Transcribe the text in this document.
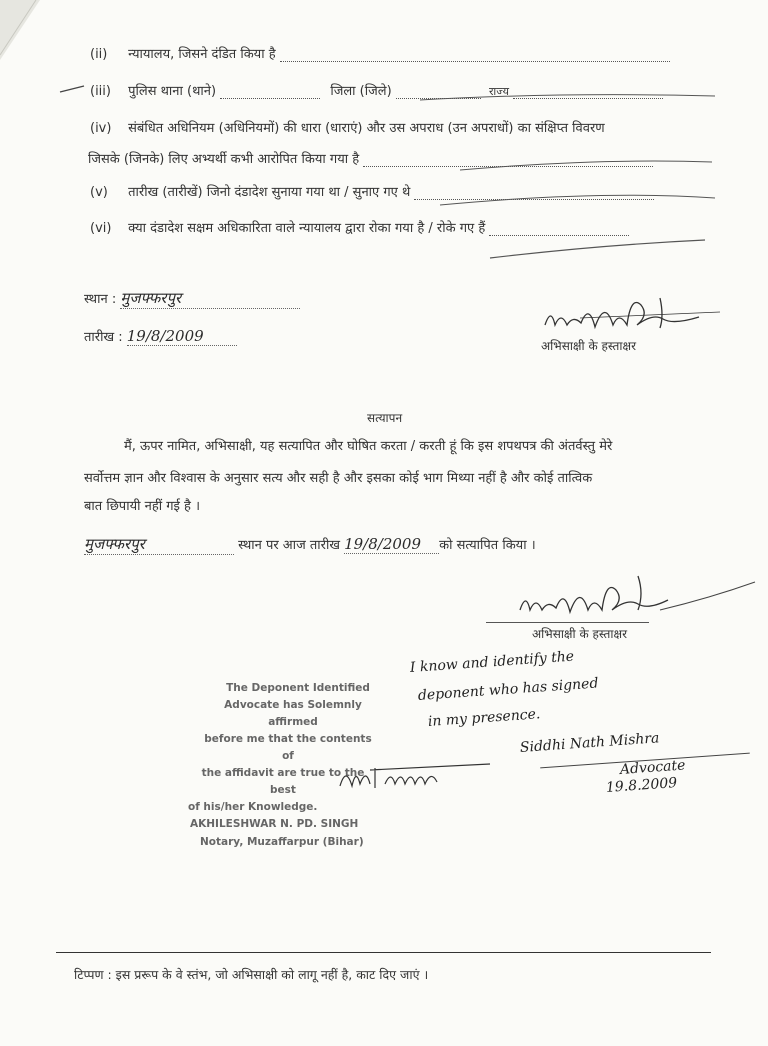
(ii) न्यायालय, जिसने दंडित किया है
(iii) पुलिस थाना (थाने)	जिला (जिले)	राज्य
(iv) संबंधित अधिनियम (अधिनियमों) की धारा (धाराएं) और उस अपराध (उन अपराधों) का संक्षिप्त विवरण
जिसके (जिनके) लिए अभ्यर्थी कभी आरोपित किया गया है
(v) तारीख (तारीखें) जिनो दंडादेश सुनाया गया था / सुनाए गए थे
(vi) क्या दंडादेश सक्षम अधिकारिता वाले न्यायालय द्वारा रोका गया है / रोके गए हैं
स्थान : मुजफ्फरपुर
तारीख : 19/8/2009
अभिसाक्षी के हस्ताक्षर
सत्यापन
मैं, ऊपर नामित, अभिसाक्षी, यह सत्यापित और घोषित करता / करती हूं कि इस शपथपत्र की अंतर्वस्तु मेरे
सर्वोत्तम ज्ञान और विश्वास के अनुसार सत्य और सही है और इसका कोई भाग मिथ्या नहीं है और कोई तात्विक
बात छिपायी नहीं गई है ।
मुजफ्फरपुर	स्थान पर आज तारीख 19/8/2009 को सत्यापित किया ।
अभिसाक्षी के हस्ताक्षर
The Deponent Identified
Advocate has Solemnly affirmed
before me that the contents of
the affidavit are true to the best
of his/her Knowledge.
AKHILESHWAR N. PD. SINGH
Notary, Muzaffarpur (Bihar)
I know and identify the
deponent who has signed
in my presence.
Siddhi Nath Mishra
Advocate
19.8.2009
टिप्पण : इस प्ररूप के वे स्तंभ, जो अभिसाक्षी को लागू नहीं है, काट दिए जाएं ।
